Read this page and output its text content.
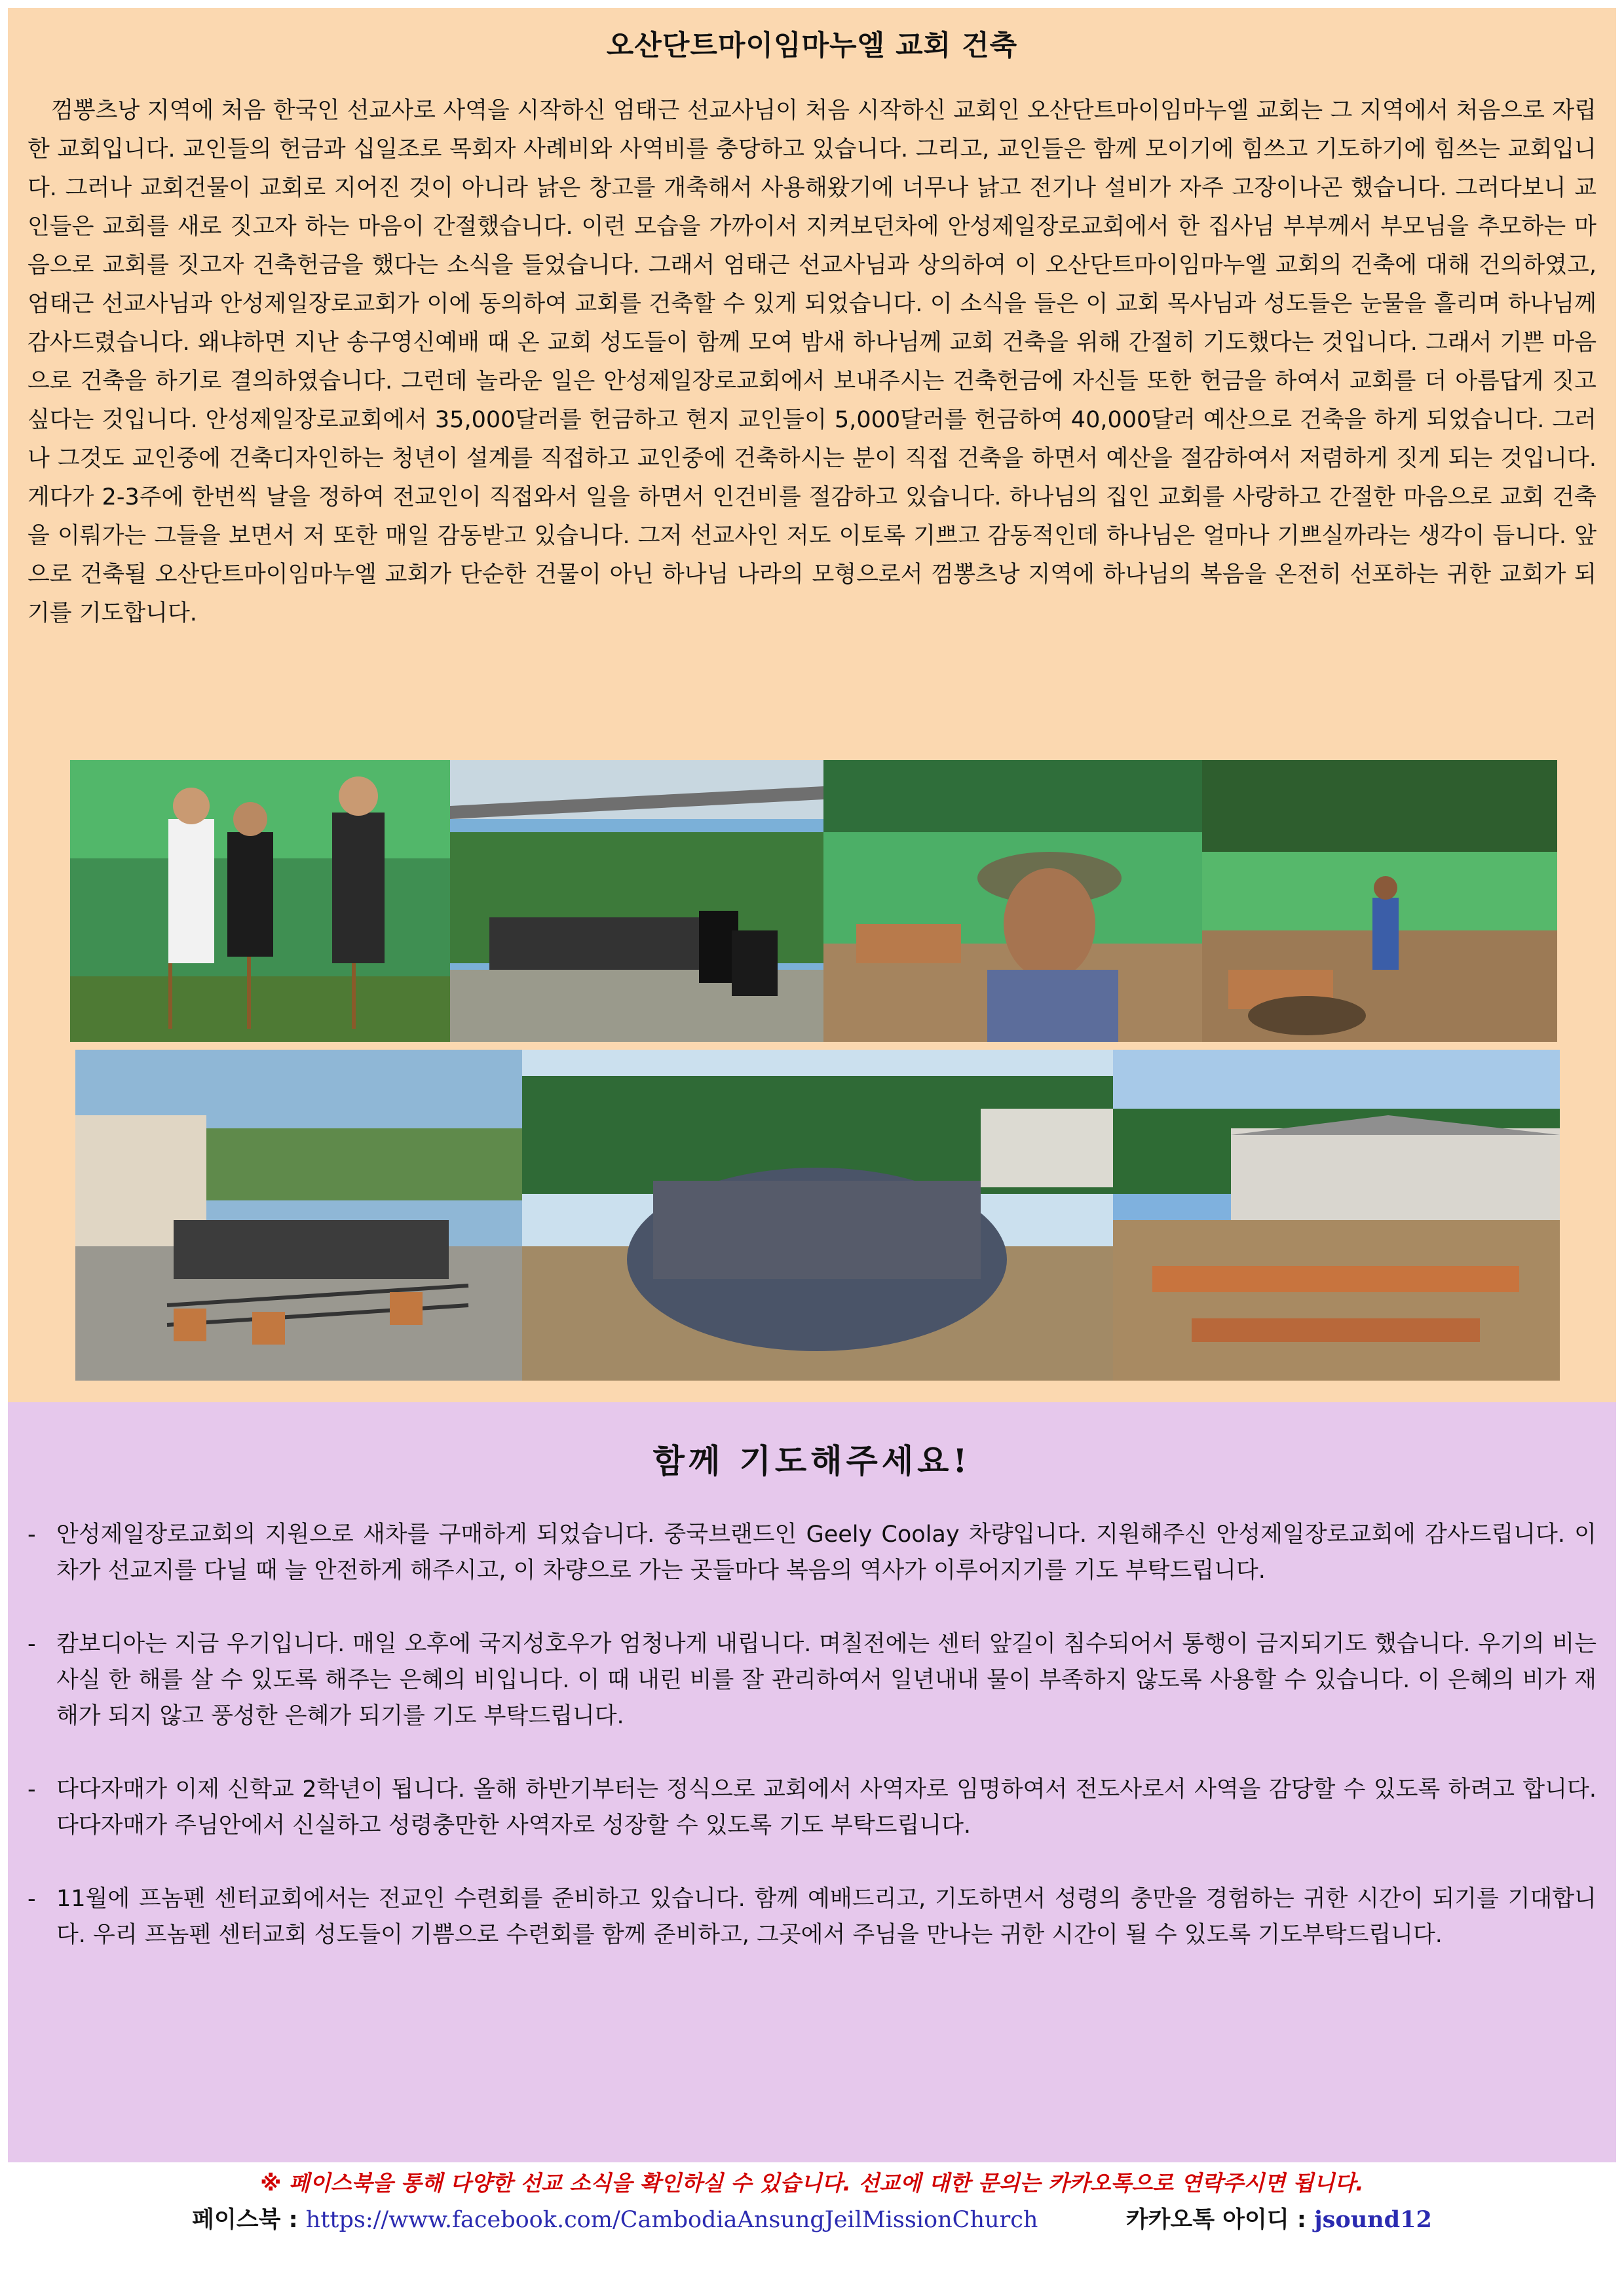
오산단트마이임마누엘 교회 건축

껌뽕츠낭 지역에 처음 한국인 선교사로 사역을 시작하신 엄태근 선교사님이 처음 시작하신 교회인 오산단트마이임마누엘 교회는 그 지역에서 처음으로 자립한 교회입니다. 교인들의 헌금과 십일조로 목회자 사례비와 사역비를 충당하고 있습니다. 그리고, 교인들은 함께 모이기에 힘쓰고 기도하기에 힘쓰는 교회입니다. 그러나 교회건물이 교회로 지어진 것이 아니라 낡은 창고를 개축해서 사용해왔기에 너무나 낡고 전기나 설비가 자주 고장이나곤 했습니다. 그러다보니 교인들은 교회를 새로 짓고자 하는 마음이 간절했습니다. 이런 모습을 가까이서 지켜보던차에 안성제일장로교회에서 한 집사님 부부께서 부모님을 추모하는 마음으로 교회를 짓고자 건축헌금을 했다는 소식을 들었습니다. 그래서 엄태근 선교사님과 상의하여 이 오산단트마이임마누엘 교회의 건축에 대해 건의하였고, 엄태근 선교사님과 안성제일장로교회가 이에 동의하여 교회를 건축할 수 있게 되었습니다. 이 소식을 들은 이 교회 목사님과 성도들은 눈물을 흘리며 하나님께 감사드렸습니다. 왜냐하면 지난 송구영신예배 때 온 교회 성도들이 함께 모여 밤새 하나님께 교회 건축을 위해 간절히 기도했다는 것입니다. 그래서 기쁜 마음으로 건축을 하기로 결의하였습니다. 그런데 놀라운 일은 안성제일장로교회에서 보내주시는 건축헌금에 자신들 또한 헌금을 하여서 교회를 더 아름답게 짓고 싶다는 것입니다. 안성제일장로교회에서 35,000달러를 헌금하고 현지 교인들이 5,000달러를 헌금하여 40,000달러 예산으로 건축을 하게 되었습니다. 그러나 그것도 교인중에 건축디자인하는 청년이 설계를 직접하고 교인중에 건축하시는 분이 직접 건축을 하면서 예산을 절감하여서 저렴하게 짓게 되는 것입니다. 게다가 2-3주에 한번씩 날을 정하여 전교인이 직접와서 일을 하면서 인건비를 절감하고 있습니다. 하나님의 집인 교회를 사랑하고 간절한 마음으로 교회 건축을 이뤄가는 그들을 보면서 저 또한 매일 감동받고 있습니다. 그저 선교사인 저도 이토록 기쁘고 감동적인데 하나님은 얼마나 기쁘실까라는 생각이 듭니다. 앞으로 건축될 오산단트마이임마누엘 교회가 단순한 건물이 아닌 하나님 나라의 모형으로서 껌뽕츠낭 지역에 하나님의 복음을 온전히 선포하는 귀한 교회가 되기를 기도합니다.

함께 기도해주세요!
- 안성제일장로교회의 지원으로 새차를 구매하게 되었습니다. 중국브랜드인 Geely Coolay 차량입니다. 지원해주신 안성제일장로교회에 감사드립니다. 이 차가 선교지를 다닐 때 늘 안전하게 해주시고, 이 차량으로 가는 곳들마다 복음의 역사가 이루어지기를 기도 부탁드립니다.
- 캄보디아는 지금 우기입니다. 매일 오후에 국지성호우가 엄청나게 내립니다. 며칠전에는 센터 앞길이 침수되어서 통행이 금지되기도 했습니다. 우기의 비는 사실 한 해를 살 수 있도록 해주는 은혜의 비입니다. 이 때 내린 비를 잘 관리하여서 일년내내 물이 부족하지 않도록 사용할 수 있습니다. 이 은혜의 비가 재해가 되지 않고 풍성한 은혜가 되기를 기도 부탁드립니다.
- 다다자매가 이제 신학교 2학년이 됩니다. 올해 하반기부터는 정식으로 교회에서 사역자로 임명하여서 전도사로서 사역을 감당할 수 있도록 하려고 합니다. 다다자매가 주님안에서 신실하고 성령충만한 사역자로 성장할 수 있도록 기도 부탁드립니다.
- 11월에 프놈펜 센터교회에서는 전교인 수련회를 준비하고 있습니다. 함께 예배드리고, 기도하면서 성령의 충만을 경험하는 귀한 시간이 되기를 기대합니다. 우리 프놈펜 센터교회 성도들이 기쁨으로 수련회를 함께 준비하고, 그곳에서 주님을 만나는 귀한 시간이 될 수 있도록 기도부탁드립니다.

※ 페이스북을 통해 다양한 선교 소식을 확인하실 수 있습니다. 선교에 대한 문의는 카카오톡으로 연락주시면 됩니다.

페이스북 : https://www.facebook.com/CambodiaAnsungJeilMissionChurch	카카오톡 아이디 : jsound12
